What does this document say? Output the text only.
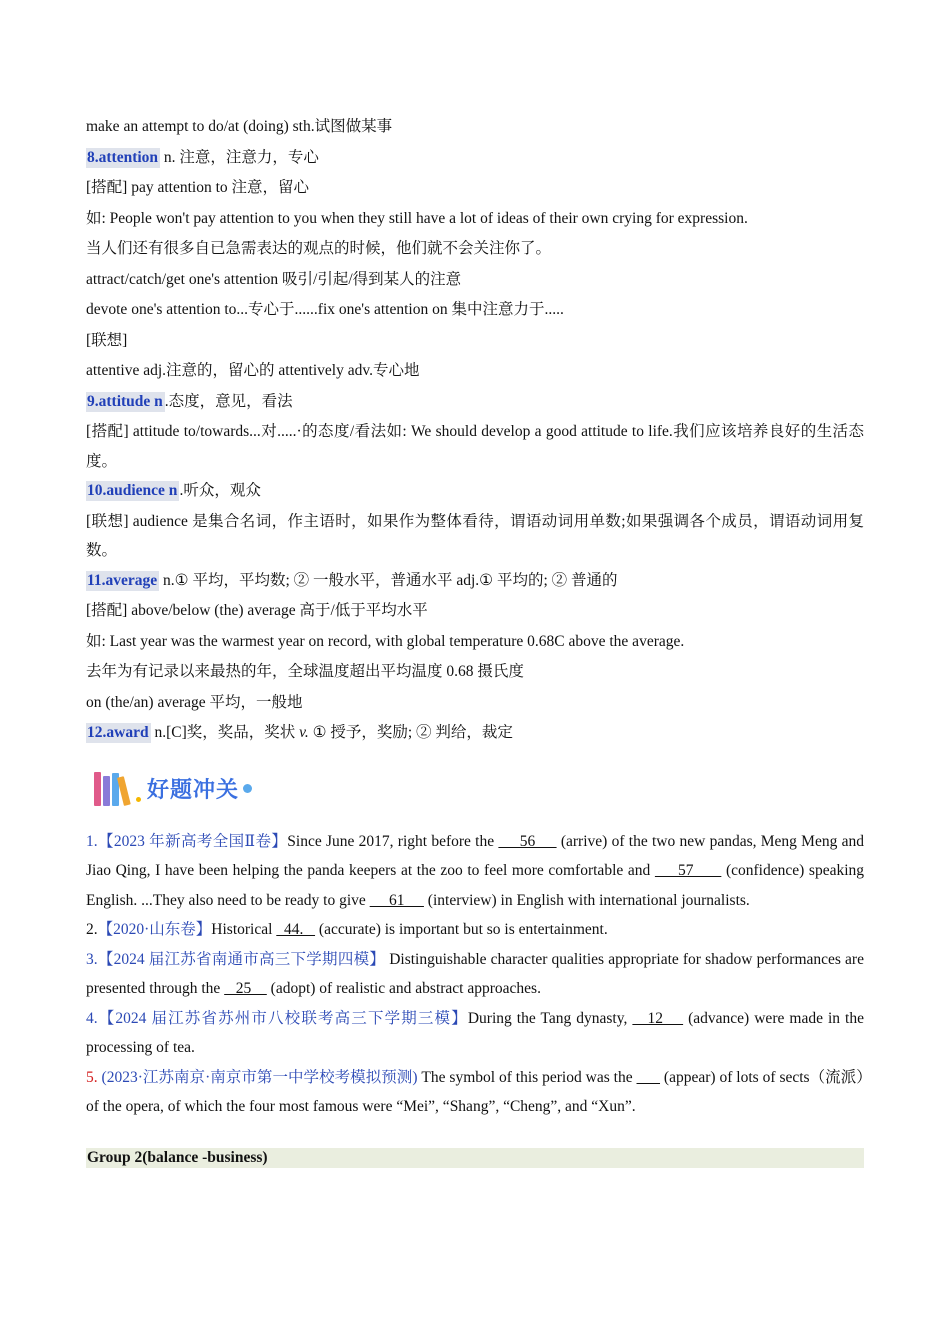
make an attempt to do/at (doing) sth.试图做某事
8.attention n. 注意，注意力，专心
[搭配] pay attention to 注意，留心
如: People won't pay attention to you when they still have a lot of ideas of their own crying for expression.
当人们还有很多自已急需表达的观点的时候，他们就不会关注你了。
attract/catch/get one's attention 吸引/引起/得到某人的注意
devote one's attention to...专心于......fix one's attention on 集中注意力于.....
[联想]
attentive adj.注意的，留心的 attentively adv.专心地
9.attitude n .态度，意见，看法
[搭配] attitude to/towards...对.....·的态度/看法如: We should develop a good attitude to life.我们应该培养良好的生活态度。
10.audience n .听众，观众
[联想] audience 是集合名词，作主语时，如果作为整体看待，谓语动词用单数;如果强调各个成员，谓语动词用复数。
11.average n.① 平均，平均数; ② 一般水平，普通水平 adj.① 平均的; ② 普通的
[搭配] above/below (the) average 高于/低于平均水平
如: Last year was the warmest year on record, with global temperature 0.68C above the average.
去年为有记录以来最热的年，全球温度超出平均温度 0.68 摄氏度
on (the/an) average 平均，一般地
12.award n.[C]奖，奖品，奖状 v. ① 授予，奖励; ② 判给，裁定
好题冲关
1.【2023 年新高考全国Ⅱ卷】Since June 2017, right before the      56      (arrive) of the two new pandas, Meng Meng and Jiao Qing, I have been helping the panda keepers at the zoo to feel more comfortable and      57       (confidence) speaking English. ...They also need to be ready to give      61      (interview) in English with international journalists.
2.【2020·山东卷】Historical   44.    (accurate) is important but so is entertainment.
3.【2024 届江苏省南通市高三下学期四模】 Distinguishable character qualities appropriate for shadow performances are presented through the    25     (adopt) of realistic and abstract approaches.
4.【2024 届江苏省苏州市八校联考高三下学期三模】During the Tang dynasty,    12     (advance) were made in the processing of tea.
5. (2023·江苏南京·南京市第一中学校考模拟预测) The symbol of this period was the        (appear) of lots of sects（流派）of the opera, of which the four most famous were “Mei”, “Shang”, “Cheng”, and “Xun”.
Group 2(balance -business)
